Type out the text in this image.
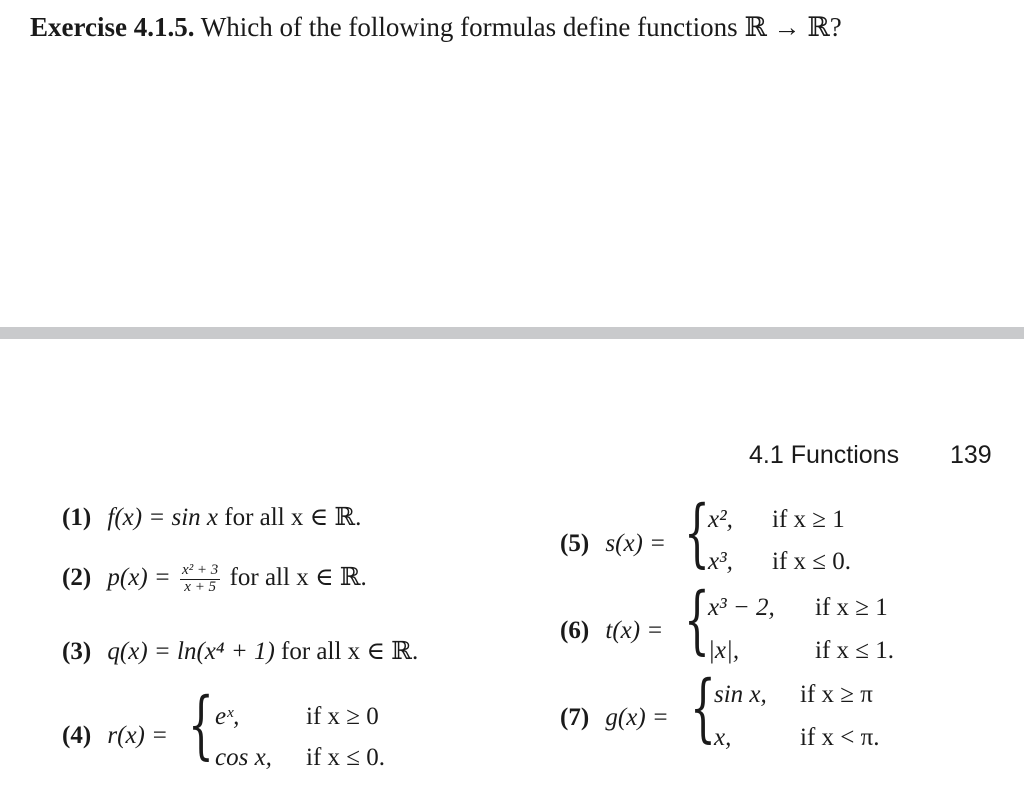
Exercise 4.1.5. Which of the following formulas define functions ℝ → ℝ?
4.1 Functions 139
(1) f(x) = sin x for all x ∈ ℝ.
(2) $p(x) = \frac{\text{x² + 3}}{x + 5}$ for all x ∈ ℝ.
(3) q(x) = ln(x⁴ + 1) for all x ∈ ℝ.
(4) r(x) = { eˣ,	if x ≥ 0
cos x, if x ≤ 0.
(5) s(x) = {
x², if x ≥ 1
x³, if x ≤ 0.
(6) t(x) = {
x³ − 2, if x ≥ 1
|x|,	if x ≤ 1.
(7) g(x) = {
sin x, if x ≥ π
x,	if x < π.
